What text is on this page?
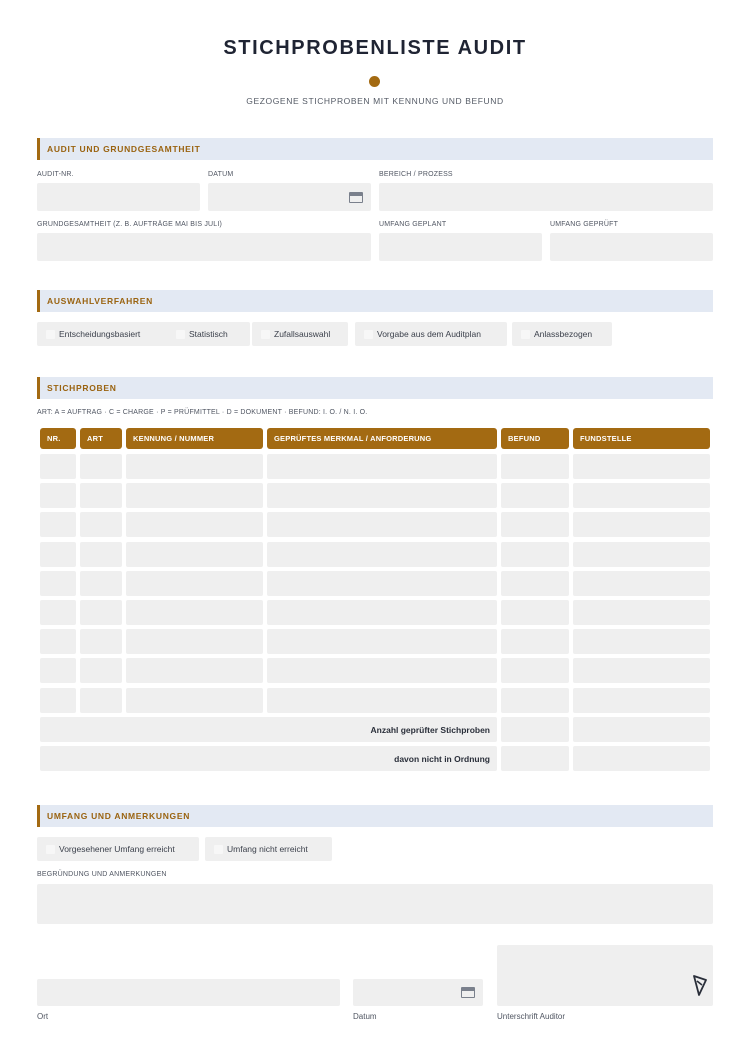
STICHPROBENLISTE AUDIT
GEZOGENE STICHPROBEN MIT KENNUNG UND BEFUND
AUDIT UND GRUNDGESAMTHEIT
AUDIT-NR.	DATUM	BEREICH / PROZESS
GRUNDGESAMTHEIT (Z. B. AUFTRÄGE MAI BIS JULI)	UMFANG GEPLANT	UMFANG GEPRÜFT
AUSWAHLVERFAHREN
Entscheidungsbasiert	Statistisch	Zufallsauswahl	Vorgabe aus dem Auditplan	Anlassbezogen
STICHPROBEN
ART: A = AUFTRAG · C = CHARGE · P = PRÜFMITTEL · D = DOKUMENT · BEFUND: I. O. / N. I. O.
NR.	ART	KENNUNG / NUMMER	GEPRÜFTES MERKMAL / ANFORDERUNG	BEFUND	FUNDSTELLE
Anzahl geprüfter Stichproben
davon nicht in Ordnung
UMFANG UND ANMERKUNGEN
Vorgesehener Umfang erreicht	Umfang nicht erreicht
BEGRÜNDUNG UND ANMERKUNGEN
Ort	Datum	Unterschrift Auditor
